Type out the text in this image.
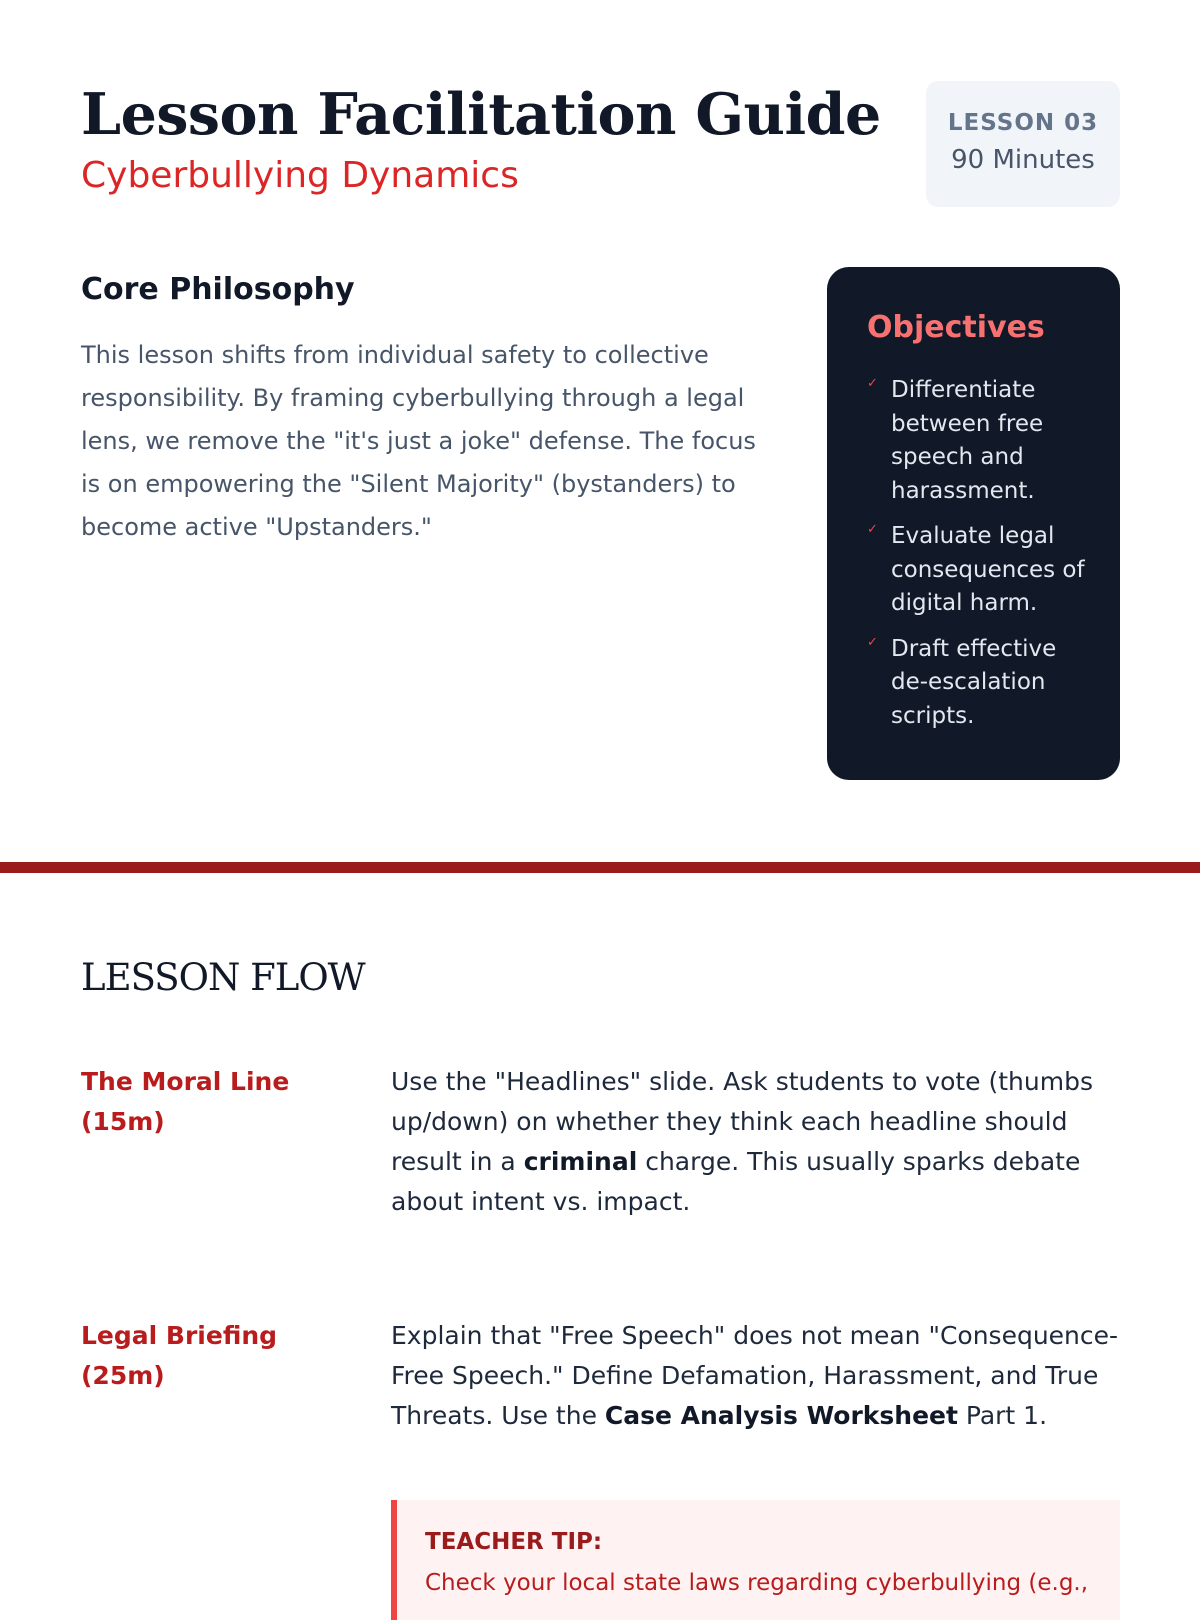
Lesson Facilitation Guide
Cyberbullying Dynamics
LESSON 03
90 Minutes
Core Philosophy

This lesson shifts from individual safety to collective responsibility. By framing cyberbullying through a legal lens, we remove the "it's just a joke" defense. The focus is on empowering the "Silent Majority" (bystanders) to become active "Upstanders."

Objectives
✓ Differentiate between free speech and harassment.
✓ Evaluate legal consequences of digital harm.
✓ Draft effective de-escalation scripts.
LESSON FLOW
The Moral Line (15m)
Use the "Headlines" slide. Ask students to vote (thumbs up/down) on whether they think each headline should result in a criminal charge. This usually sparks debate about intent vs. impact.
Legal Briefing (25m)
Explain that "Free Speech" does not mean "Consequence-Free Speech." Define Defamation, Harassment, and True Threats. Use the Case Analysis Worksheet Part 1.
TEACHER TIP:
Check your local state laws regarding cyberbullying (e.g.,
